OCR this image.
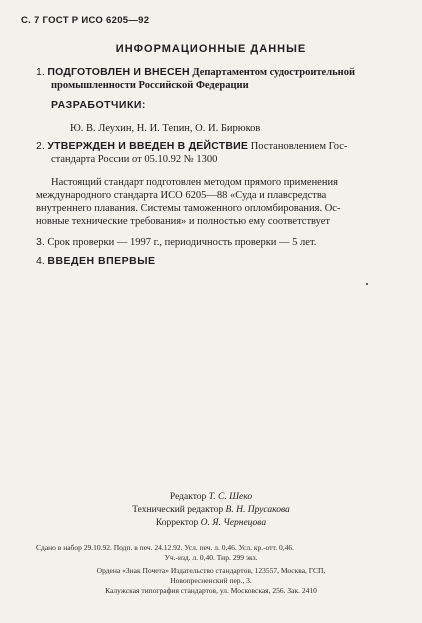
С. 7 ГОСТ Р ИСО 6205—92
ИНФОРМАЦИОННЫЕ ДАННЫЕ
1. ПОДГОТОВЛЕН И ВНЕСЕН Департаментом судостроительной
промышленности Российской Федерации
РАЗРАБОТЧИКИ:
Ю. В. Леухин, Н. И. Тепин, О. И. Бирюков
2. УТВЕРЖДЕН И ВВЕДЕН В ДЕЙСТВИЕ Постановлением Гос-
стандарта России от 05.10.92 № 1300
Настоящий стандарт подготовлен методом прямого применения
международного стандарта ИСО 6205—88 «Суда и плавсредства
внутреннего плавания. Системы таможенного опломбирования. Ос-
новные технические требования» и полностью ему соответствует
3. Срок проверки — 1997 г., периодичность проверки — 5 лет.
4. ВВЕДЕН ВПЕРВЫЕ
Редактор Т. С. Шеко
Технический редактор В. Н. Прусакова
Корректор О. Я. Чернецова
Сдано в набор 29.10.92. Подп. в печ. 24.12.92. Усл. печ. л. 0,46. Усл. кр.-отт. 0,46.
Уч.-изд. л. 0,40. Тир. 299 экз.
Ордена «Знак Почета» Издательство стандартов, 123557, Москва, ГСП,
Новопресненский пер., 3.
Калужская типография стандартов, ул. Московская, 256. Зак. 2410
